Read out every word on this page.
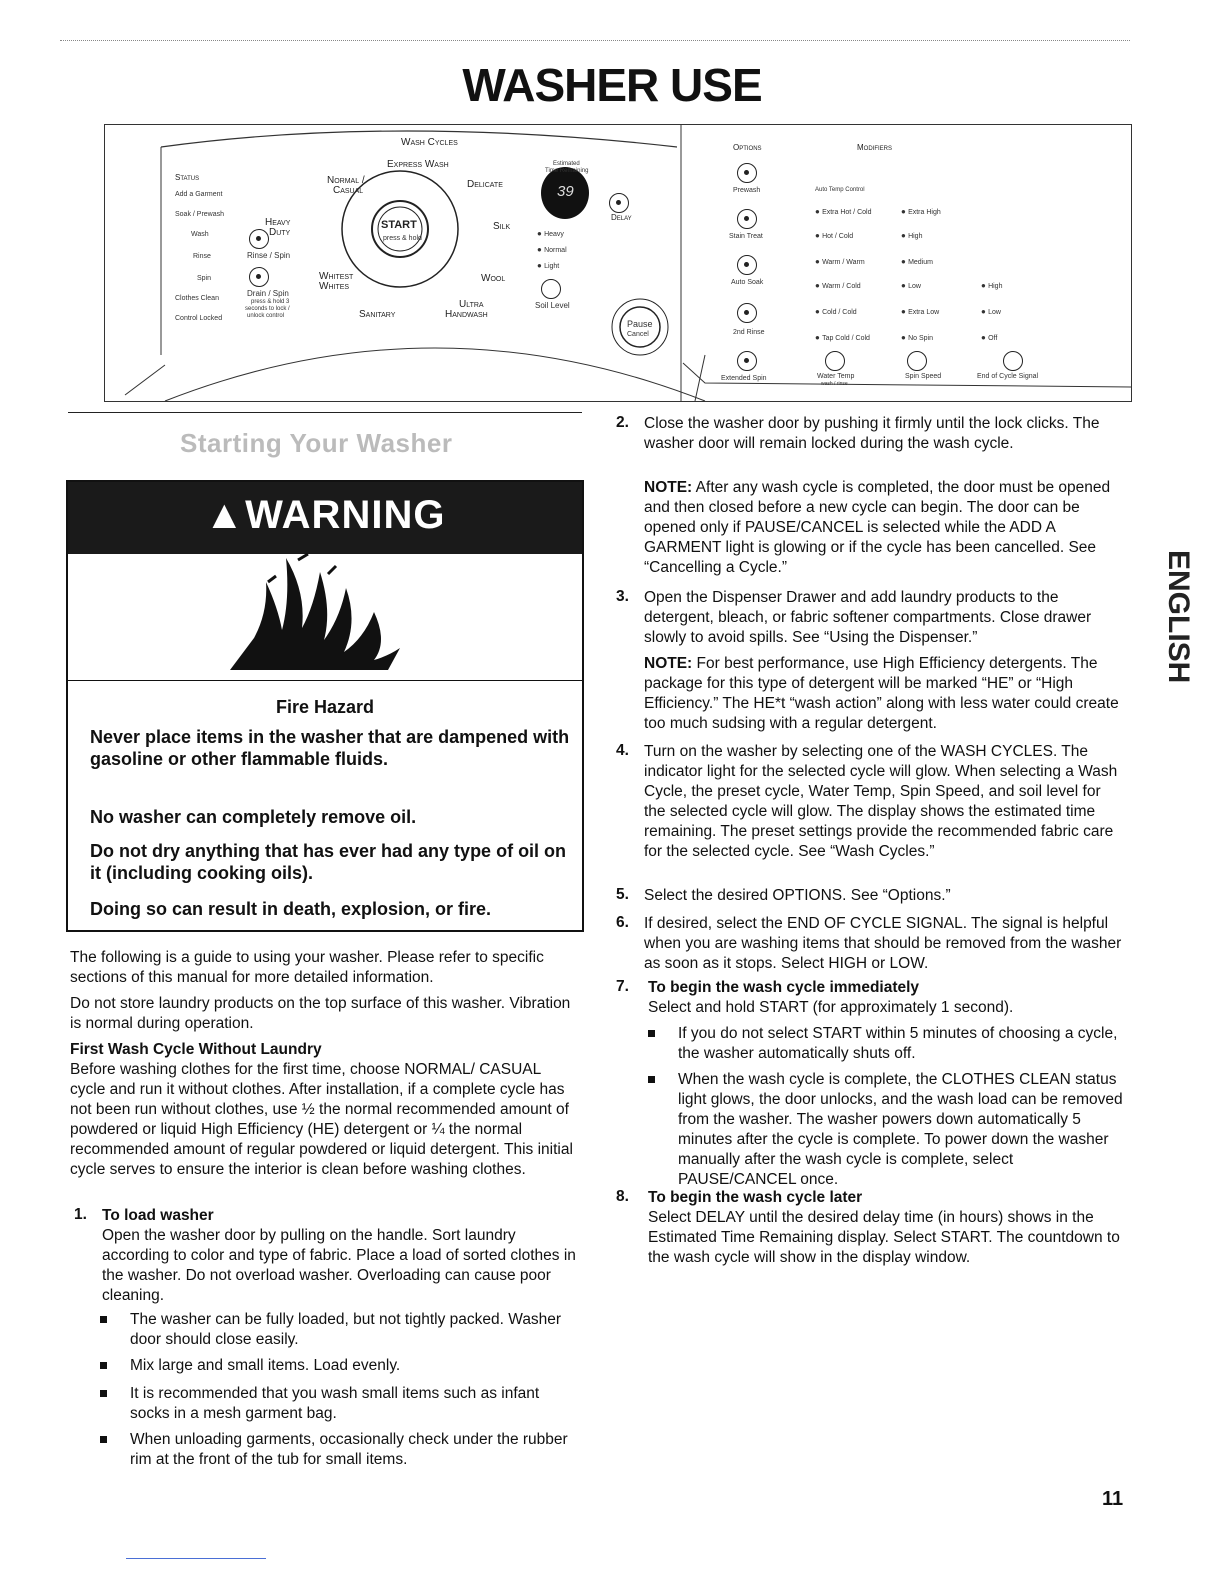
WASHER USE
Wash Cycles
Express Wash
Normal /
Casual
Delicate
Heavy
Duty
Silk
Whitest
Whites
Wool
Sanitary
Ultra
Handwash
START
press & hold
Status
Add a Garment
Soak / Prewash
Wash
Rinse
Spin
Clothes Clean
Control Locked
Rinse / Spin
Drain / Spin
press & hold 3
seconds to lock /
unlock control
Estimated
Time Remaining
39
Delay
● Heavy
● Normal
● Light
Soil Level
Pause
Cancel
Options	Modifiers
Prewash
Stain Treat
Auto Soak
2nd Rinse
Extended Spin
Auto Temp Control
● Extra Hot / Cold
● Hot / Cold
● Warm / Warm
● Warm / Cold
● Cold / Cold
● Tap Cold / Cold
● Extra High
● High
● Medium
● Low
● Extra Low
● No Spin
● High
● Low
● Off
Water Temp
wash / rinse
Spin Speed	End of Cycle Signal
Starting Your Washer
▲WARNING
Fire Hazard
Never place items in the washer that are dampened with gasoline or other flammable fluids.
No washer can completely remove oil.
Do not dry anything that has ever had any type of oil on it (including cooking oils).
Doing so can result in death, explosion, or fire.
The following is a guide to using your washer. Please refer to specific sections of this manual for more detailed information.
Do not store laundry products on the top surface of this washer. Vibration is normal during operation.
First Wash Cycle Without Laundry
Before washing clothes for the first time, choose NORMAL/ CASUAL cycle and run it without clothes. After installation, if a complete cycle has not been run without clothes, use ½ the normal recommended amount of powdered or liquid High Efficiency (HE) detergent or ¼ the normal recommended amount of regular powdered or liquid detergent. This initial cycle serves to ensure the interior is clean before washing clothes.
1. To load washer
Open the washer door by pulling on the handle. Sort laundry according to color and type of fabric. Place a load of sorted clothes in the washer. Do not overload washer. Overloading can cause poor cleaning.
The washer can be fully loaded, but not tightly packed. Washer door should close easily.
Mix large and small items. Load evenly.
It is recommended that you wash small items such as infant socks in a mesh garment bag.
When unloading garments, occasionally check under the rubber rim at the front of the tub for small items.
2. Close the washer door by pushing it firmly until the lock clicks. The washer door will remain locked during the wash cycle.
NOTE: After any wash cycle is completed, the door must be opened and then closed before a new cycle can begin. The door can be opened only if PAUSE/CANCEL is selected while the ADD A GARMENT light is glowing or if the cycle has been cancelled. See “Cancelling a Cycle.”
3. Open the Dispenser Drawer and add laundry products to the detergent, bleach, or fabric softener compartments. Close drawer slowly to avoid spills. See “Using the Dispenser.”
NOTE: For best performance, use High Efficiency detergents. The package for this type of detergent will be marked “HE” or “High Efficiency.” The HE*t “wash action” along with less water could create too much sudsing with a regular detergent.
4. Turn on the washer by selecting one of the WASH CYCLES. The indicator light for the selected cycle will glow. When selecting a Wash Cycle, the preset cycle, Water Temp, Spin Speed, and soil level for the selected cycle will glow. The display shows the estimated time remaining. The preset settings provide the recommended fabric care for the selected cycle. See “Wash Cycles.”
5. Select the desired OPTIONS. See “Options.”
6. If desired, select the END OF CYCLE SIGNAL. The signal is helpful when you are washing items that should be removed from the washer as soon as it stops. Select HIGH or LOW.
7. To begin the wash cycle immediately
Select and hold START (for approximately 1 second).
If you do not select START within 5 minutes of choosing a cycle, the washer automatically shuts off.
When the wash cycle is complete, the CLOTHES CLEAN status light glows, the door unlocks, and the wash load can be removed from the washer. The washer powers down automatically 5 minutes after the cycle is complete. To power down the washer manually after the wash cycle is complete, select PAUSE/CANCEL once.
8. To begin the wash cycle later
Select DELAY until the desired delay time (in hours) shows in the Estimated Time Remaining display. Select START. The countdown to the wash cycle will show in the display window.
ENGLISH
11
